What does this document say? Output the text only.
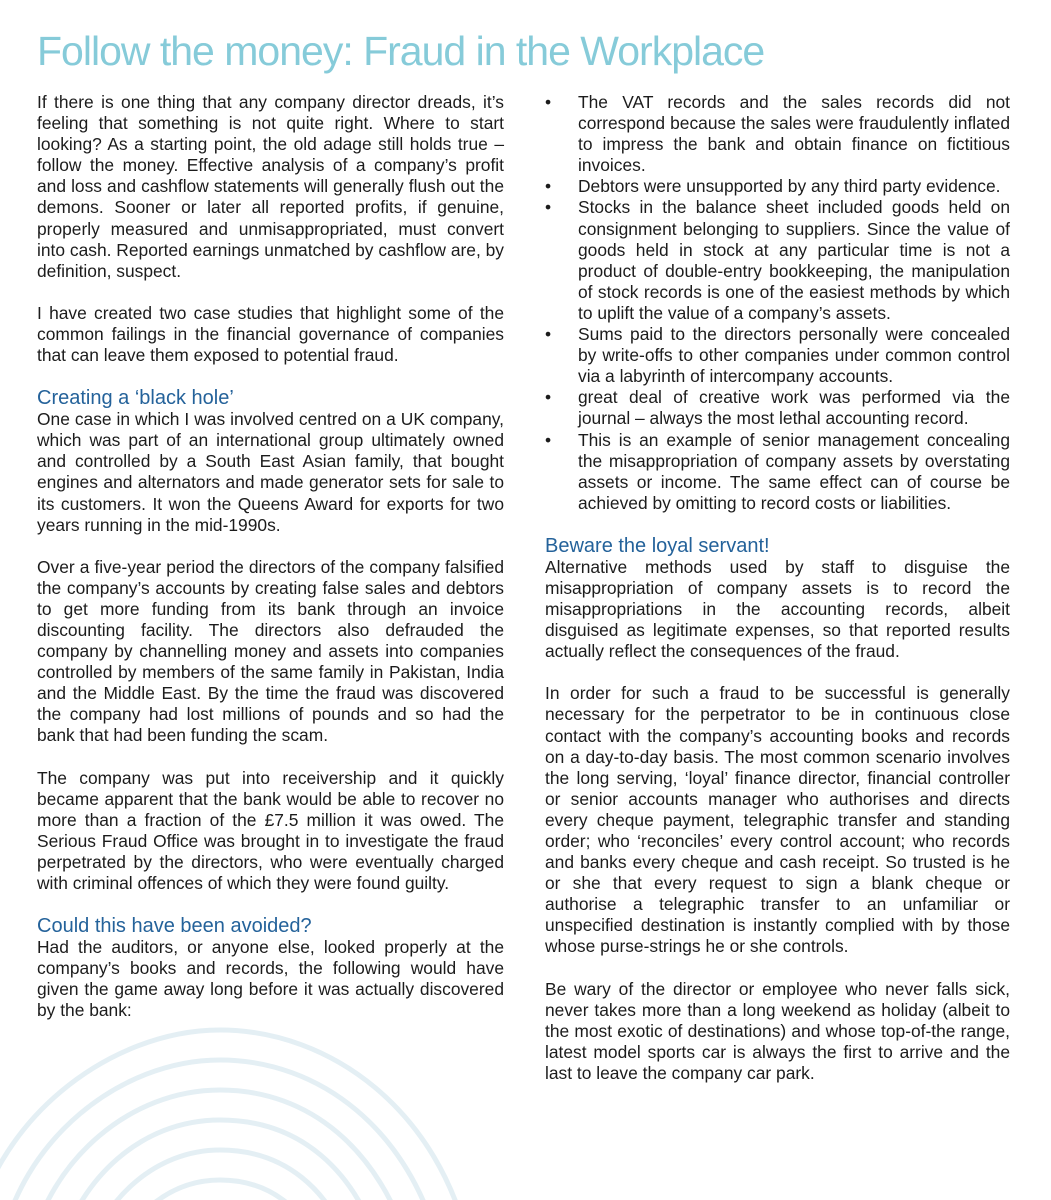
Follow the money: Fraud in the Workplace

If there is one thing that any company director dreads, it’s feeling that something is not quite right. Where to start looking? As a starting point, the old adage still holds true – follow the money. Effective analysis of a company’s profit and loss and cashflow statements will generally flush out the demons. Sooner or later all reported profits, if genuine, properly measured and unmisappropriated, must convert into cash. Reported earnings unmatched by cashflow are, by definition, suspect.

I have created two case studies that highlight some of the common failings in the financial governance of companies that can leave them exposed to potential fraud.

Creating a ‘black hole’

One case in which I was involved centred on a UK company, which was part of an international group ultimately owned and controlled by a South East Asian family, that bought engines and alternators and made generator sets for sale to its customers. It won the Queens Award for exports for two years running in the mid-1990s.

Over a five-year period the directors of the company falsified the company’s accounts by creating false sales and debtors to get more funding from its bank through an invoice discounting facility. The directors also defrauded the company by channelling money and assets into companies controlled by members of the same family in Pakistan, India and the Middle East. By the time the fraud was discovered the company had lost millions of pounds and so had the bank that had been funding the scam.

The company was put into receivership and it quickly became apparent that the bank would be able to recover no more than a fraction of the £7.5 million it was owed. The Serious Fraud Office was brought in to investigate the fraud perpetrated by the directors, who were eventually charged with criminal offences of which they were found guilty.

Could this have been avoided?

Had the auditors, or anyone else, looked properly at the company’s books and records, the following would have given the game away long before it was actually discovered by the bank:

•	The VAT records and the sales records did not correspond because the sales were fraudulently inflated to impress the bank and obtain finance on fictitious invoices.
•	Debtors were unsupported by any third party evidence.
•	Stocks in the balance sheet included goods held on consignment belonging to suppliers. Since the value of goods held in stock at any particular time is not a product of double-entry bookkeeping, the manipulation of stock records is one of the easiest methods by which to uplift the value of a company’s assets.
•	Sums paid to the directors personally were concealed by write-offs to other companies under common control via a labyrinth of intercompany accounts.
•	great deal of creative work was performed via the journal – always the most lethal accounting record.
•	This is an example of senior management concealing the misappropriation of company assets by overstating assets or income. The same effect can of course be achieved by omitting to record costs or liabilities.
Beware the loyal servant!

Alternative methods used by staff to disguise the misappropriation of company assets is to record the misappropriations in the accounting records, albeit disguised as legitimate expenses, so that reported results actually reflect the consequences of the fraud.

In order for such a fraud to be successful is generally necessary for the perpetrator to be in continuous close contact with the company’s accounting books and records on a day-to-day basis. The most common scenario involves the long serving, ‘loyal’ finance director, financial controller or senior accounts manager who authorises and directs every cheque payment, telegraphic transfer and standing order; who ‘reconciles’ every control account; who records and banks every cheque and cash receipt. So trusted is he or she that every request to sign a blank cheque or authorise a telegraphic transfer to an unfamiliar or unspecified destination is instantly complied with by those whose purse-strings he or she controls.

Be wary of the director or employee who never falls sick, never takes more than a long weekend as holiday (albeit to the most exotic of destinations) and whose top-of-the range, latest model sports car is always the first to arrive and the last to leave the company car park.
